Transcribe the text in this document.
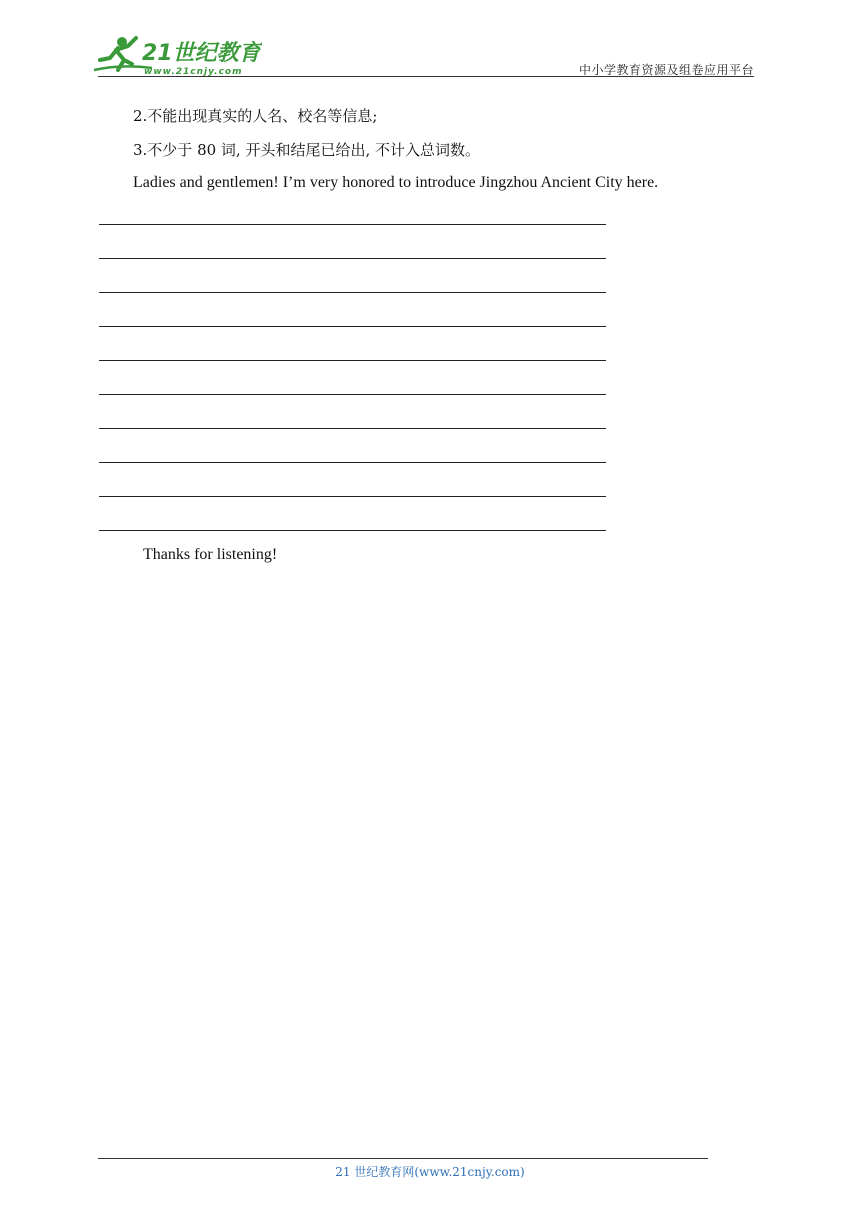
21世纪教育
www.21cnjy.com	中小学教育资源及组卷应用平台
2.不能出现真实的人名、校名等信息;
3.不少于 80 词, 开头和结尾已给出, 不计入总词数。
Ladies and gentlemen! I’m very honored to introduce Jingzhou Ancient City here.
Thanks for listening!
21 世纪教育网(www.21cnjy.com)
